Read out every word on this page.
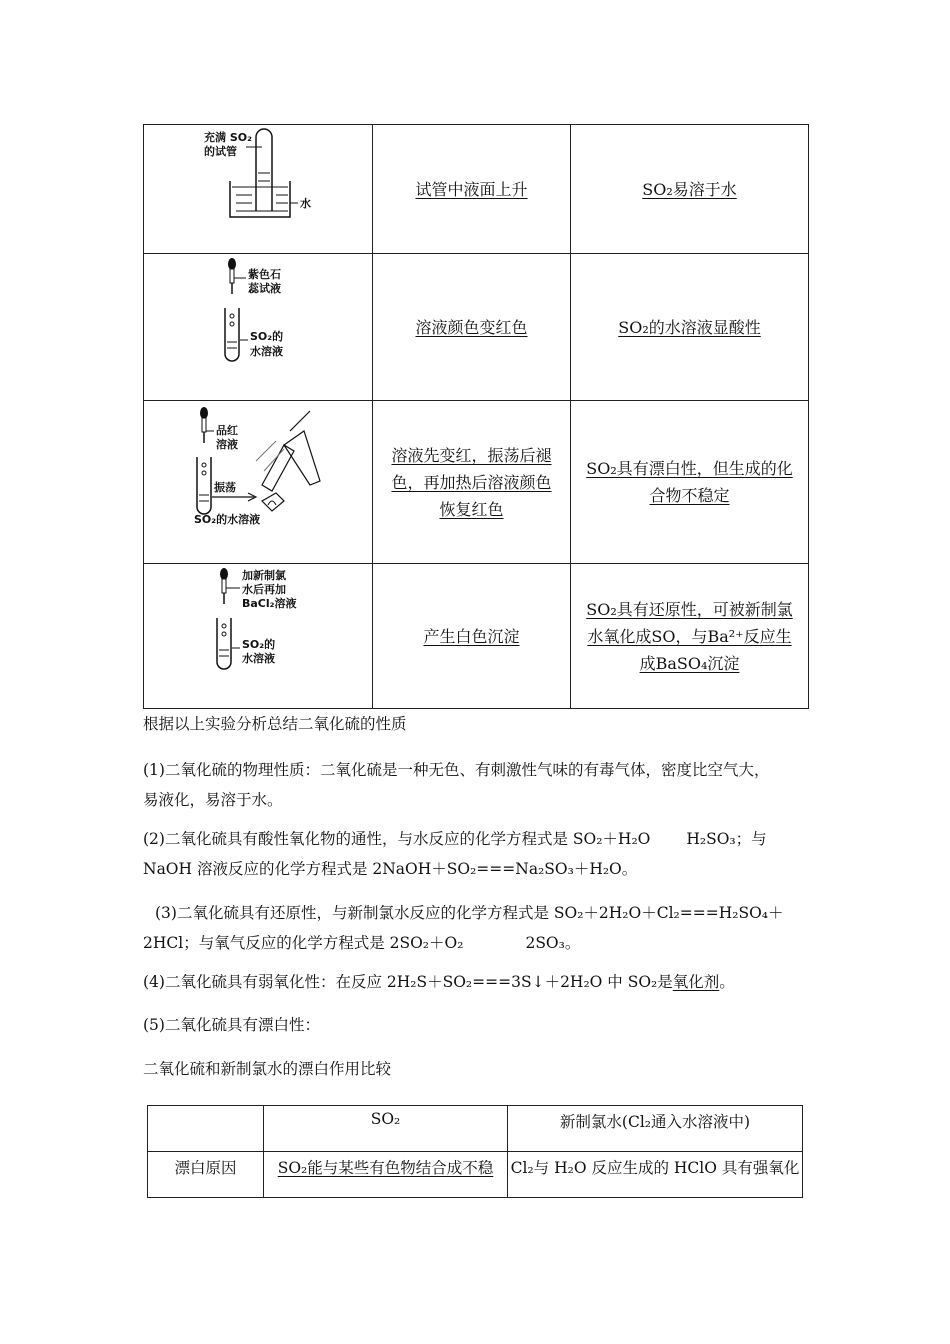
充满 SO₂
的试管
水	试管中液面上升	SO₂易溶于水

紫色石
蕊试液
SO₂的
水溶液	溶液颜色变红色	SO₂的水溶液显酸性

品红
溶液
振荡
SO₂的水溶液	溶液先变红，振荡后褪
色，再加热后溶液颜色
恢复红色	SO₂具有漂白性，但生成的化
合物不稳定

加新制氯
水后再加
BaCl₂溶液
SO₂的
水溶液	产生白色沉淀	SO₂具有还原性，可被新制氯
水氧化成SO，与Ba²⁺反应生
成BaSO₄沉淀
根据以上实验分析总结二氧化硫的性质
(1)二氧化硫的物理性质：二氧化硫是一种无色、有刺激性气味的有毒气体，密度比空气大，
易液化，易溶于水。
(2)二氧化硫具有酸性氧化物的通性，与水反应的化学方程式是 SO₂＋H₂O H₂SO₃；与
NaOH 溶液反应的化学方程式是 2NaOH＋SO₂===Na₂SO₃＋H₂O。
(3)二氧化硫具有还原性，与新制氯水反应的化学方程式是 SO₂＋2H₂O＋Cl₂===H₂SO₄＋
2HCl；与氧气反应的化学方程式是 2SO₂＋O₂	2SO₃。
(4)二氧化硫具有弱氧化性：在反应 2H₂S＋SO₂===3S↓＋2H₂O 中 SO₂是氧化剂。
(5)二氧化硫具有漂白性：
二氧化硫和新制氯水的漂白作用比较
	SO₂	新制氯水(Cl₂通入水溶液中)
漂白原因	SO₂能与某些有色物结合成不稳	Cl₂与 H₂O 反应生成的 HClO 具有强氧化
